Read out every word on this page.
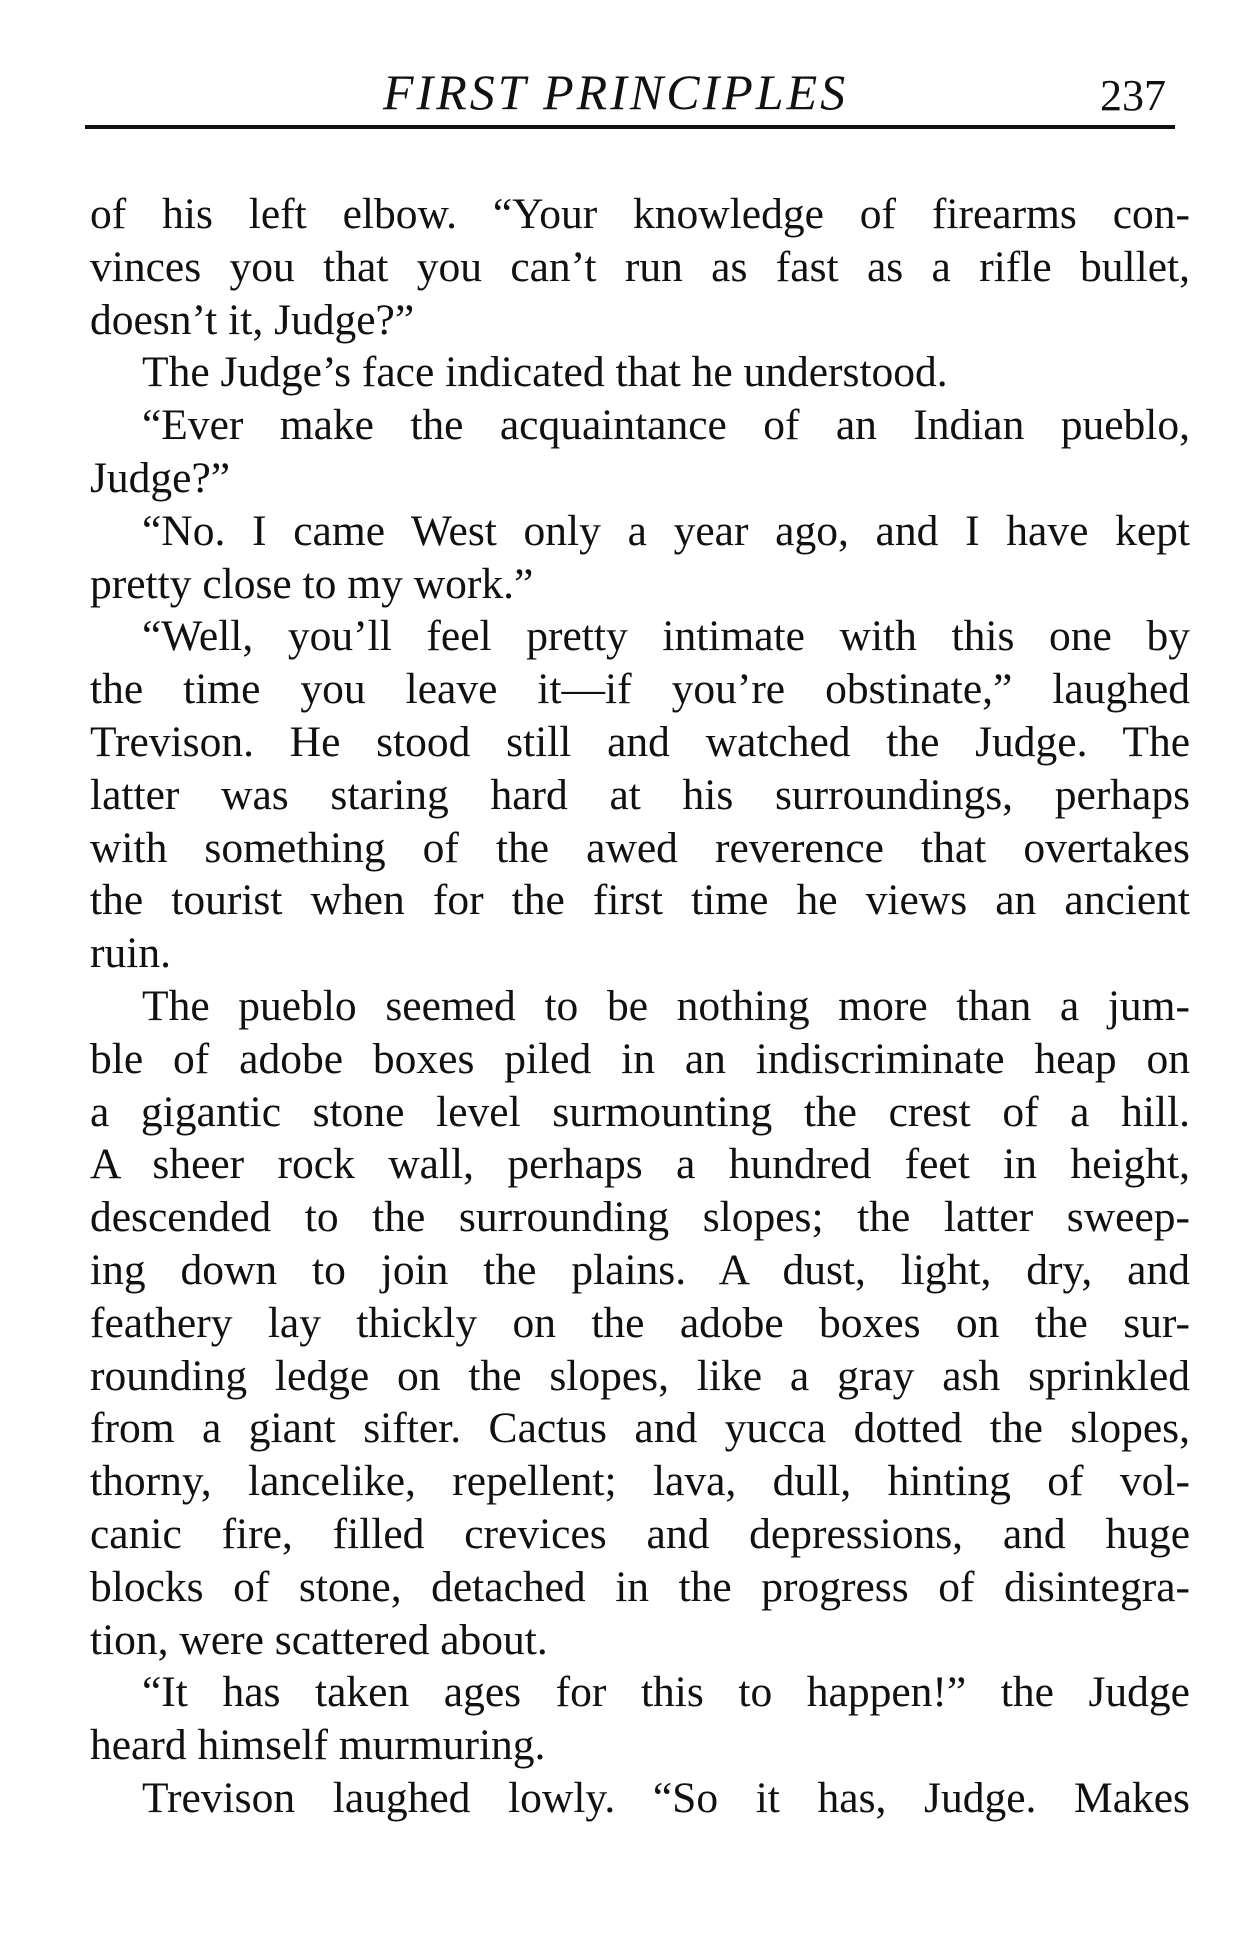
FIRST PRINCIPLES	237

of his left elbow. “Your knowledge of firearms con-
vinces you that you can’t run as fast as a rifle bullet,
doesn’t it, Judge?”

The Judge’s face indicated that he understood.

“Ever make the acquaintance of an Indian pueblo,
Judge?”

“No. I came West only a year ago, and I have kept
pretty close to my work.”

“Well, you’ll feel pretty intimate with this one by
the time you leave it—if you’re obstinate,” laughed
Trevison. He stood still and watched the Judge. The
latter was staring hard at his surroundings, perhaps
with something of the awed reverence that overtakes
the tourist when for the first time he views an ancient
ruin.

The pueblo seemed to be nothing more than a jum-
ble of adobe boxes piled in an indiscriminate heap on
a gigantic stone level surmounting the crest of a hill.
A sheer rock wall, perhaps a hundred feet in height,
descended to the surrounding slopes; the latter sweep-
ing down to join the plains. A dust, light, dry, and
feathery lay thickly on the adobe boxes on the sur-
rounding ledge on the slopes, like a gray ash sprinkled
from a giant sifter. Cactus and yucca dotted the slopes,
thorny, lancelike, repellent; lava, dull, hinting of vol-
canic fire, filled crevices and depressions, and huge
blocks of stone, detached in the progress of disintegra-
tion, were scattered about.

“It has taken ages for this to happen!” the Judge
heard himself murmuring.

Trevison laughed lowly. “So it has, Judge. Makes
